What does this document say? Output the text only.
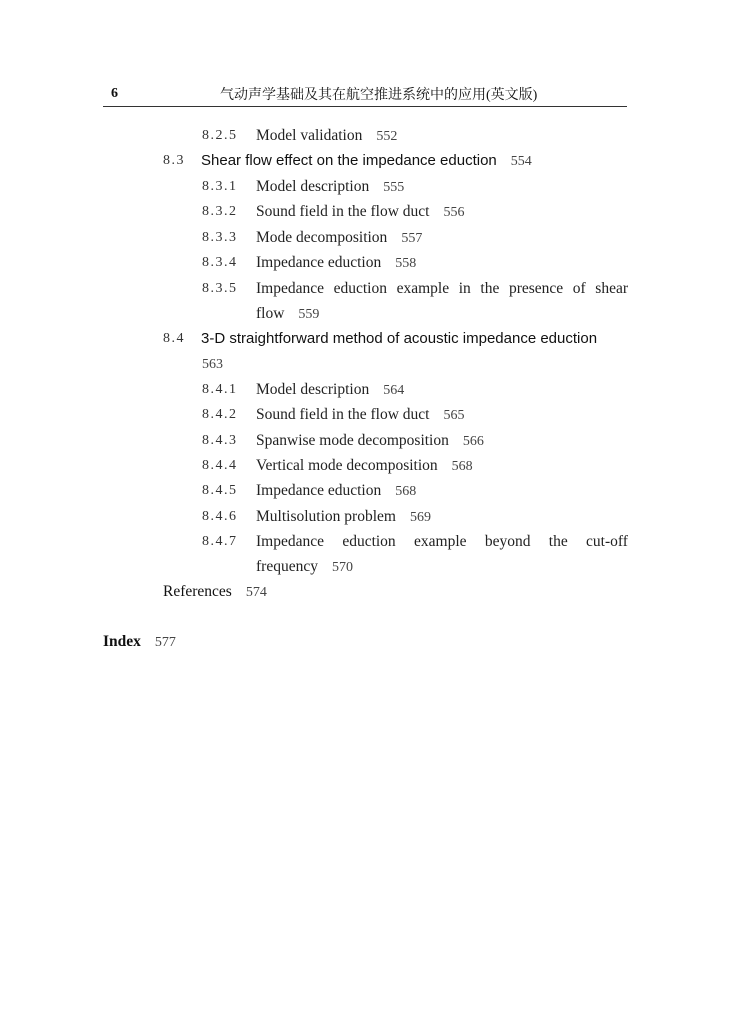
6	气动声学基础及其在航空推进系统中的应用(英文版)
8.2.5 Model validation 552
8.3 Shear flow effect on the impedance eduction 554
8.3.1 Model description 555
8.3.2 Sound field in the flow duct 556
8.3.3 Mode decomposition 557
8.3.4 Impedance eduction 558
8.3.5 Impedance eduction example in the presence of shear
flow 559
8.4 3-D straightforward method of acoustic impedance eduction
563
8.4.1 Model description 564
8.4.2 Sound field in the flow duct 565
8.4.3 Spanwise mode decomposition 566
8.4.4 Vertical mode decomposition 568
8.4.5 Impedance eduction 568
8.4.6 Multisolution problem 569
8.4.7 Impedance eduction example beyond the cut-off
frequency 570
References 574
Index 577
